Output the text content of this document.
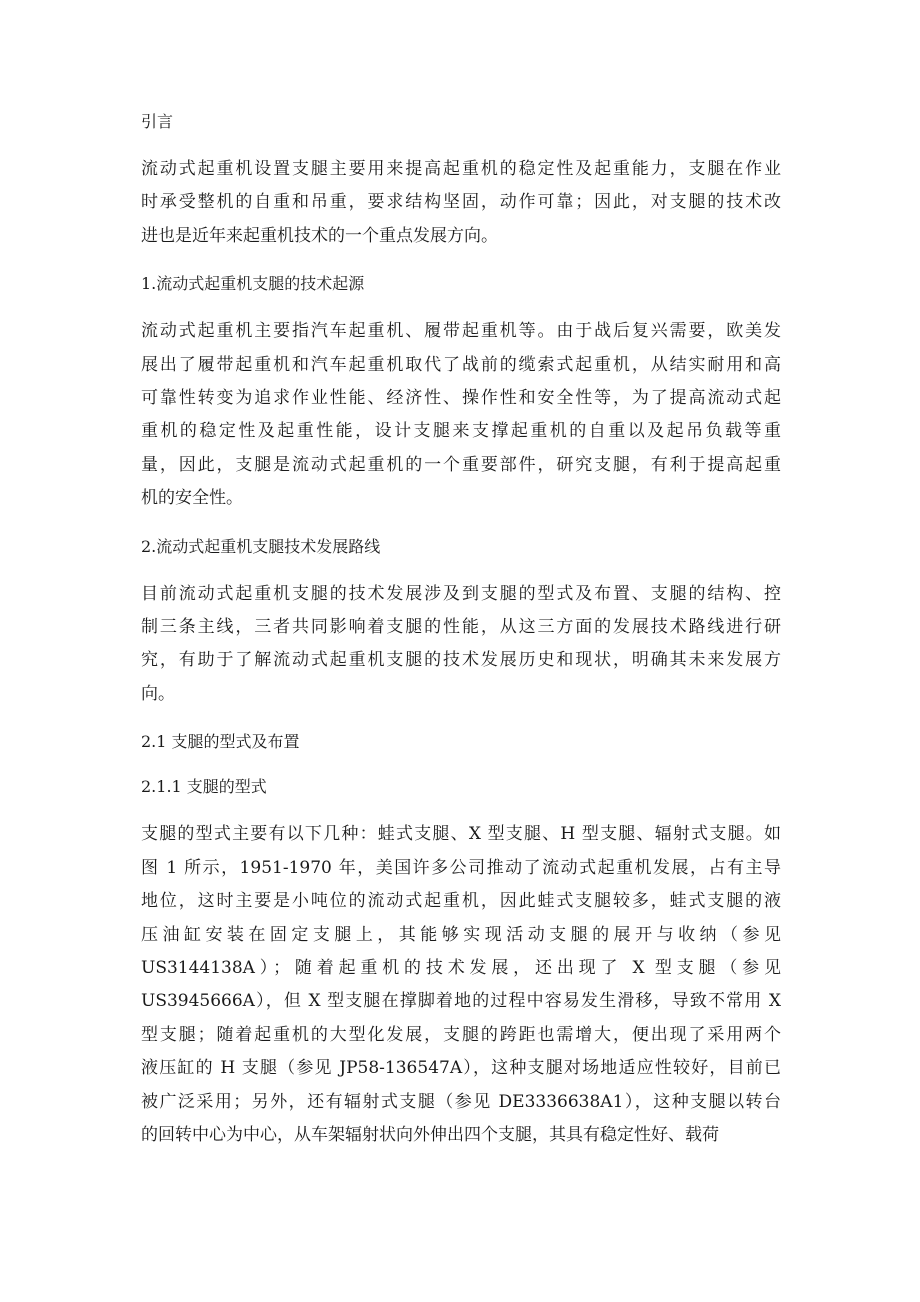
引言
流动式起重机设置支腿主要用来提高起重机的稳定性及起重能力，支腿在作业
时承受整机的自重和吊重，要求结构坚固，动作可靠；因此，对支腿的技术改
进也是近年来起重机技术的一个重点发展方向。
1.流动式起重机支腿的技术起源
流动式起重机主要指汽车起重机、履带起重机等。由于战后复兴需要，欧美发
展出了履带起重机和汽车起重机取代了战前的缆索式起重机，从结实耐用和高
可靠性转变为追求作业性能、经济性、操作性和安全性等，为了提高流动式起
重机的稳定性及起重性能，设计支腿来支撑起重机的自重以及起吊负载等重
量，因此，支腿是流动式起重机的一个重要部件，研究支腿，有利于提高起重
机的安全性。
2.流动式起重机支腿技术发展路线
目前流动式起重机支腿的技术发展涉及到支腿的型式及布置、支腿的结构、控
制三条主线，三者共同影响着支腿的性能，从这三方面的发展技术路线进行研
究，有助于了解流动式起重机支腿的技术发展历史和现状，明确其未来发展方
向。
2.1 支腿的型式及布置
2.1.1 支腿的型式
支腿的型式主要有以下几种：蛙式支腿、X 型支腿、H 型支腿、辐射式支腿。如
图 1 所示，1951-1970 年，美国许多公司推动了流动式起重机发展，占有主导
地位，这时主要是小吨位的流动式起重机，因此蛙式支腿较多，蛙式支腿的液
压油缸安装在固定支腿上，其能够实现活动支腿的展开与收纳（参见
US3144138A）；随着起重机的技术发展，还出现了 X 型支腿（参见
US3945666A），但 X 型支腿在撑脚着地的过程中容易发生滑移，导致不常用 X
型支腿；随着起重机的大型化发展，支腿的跨距也需增大，便出现了采用两个
液压缸的 H 支腿（参见 JP58-136547A），这种支腿对场地适应性较好，目前已
被广泛采用；另外，还有辐射式支腿（参见 DE3336638A1），这种支腿以转台
的回转中心为中心，从车架辐射状向外伸出四个支腿，其具有稳定性好、载荷
